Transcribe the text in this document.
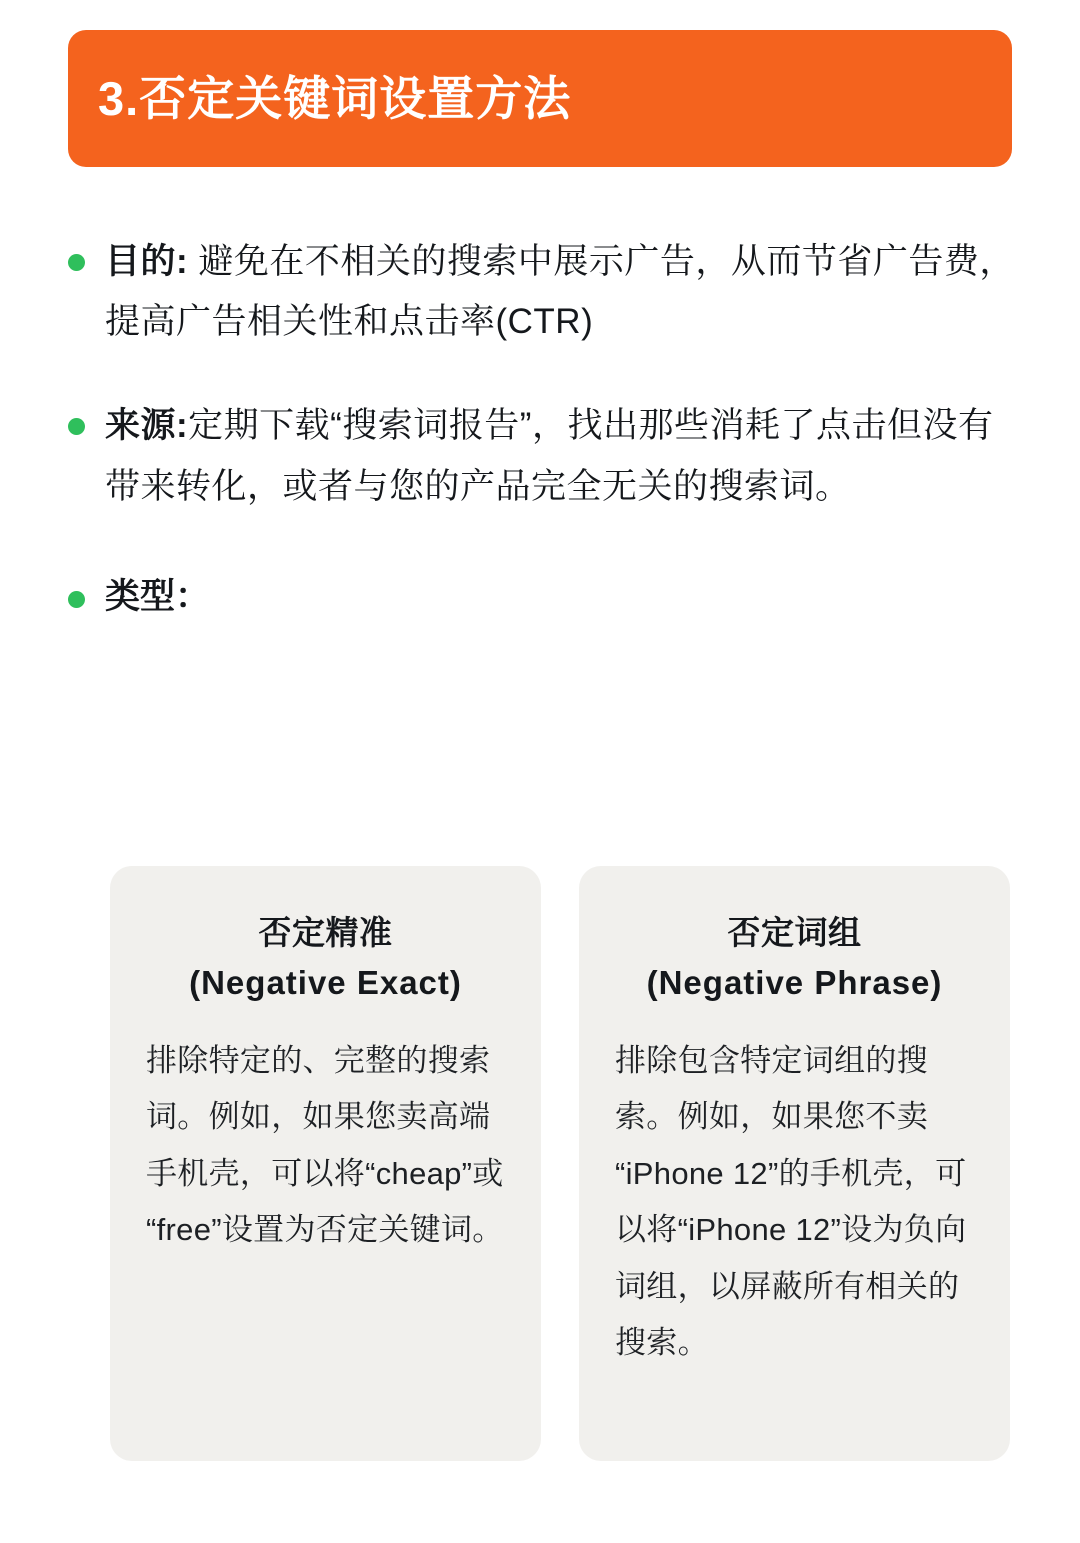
3.否定关键词设置方法
目的: 避免在不相关的搜索中展示广告，从而节省广告费，提高广告相关性和点击率(CTR)
来源:定期下载“搜索词报告”，找出那些消耗了点击但没有带来转化，或者与您的产品完全无关的搜索词。
类型：
否定精准
(Negative Exact)
排除特定的、完整的搜索词。例如，如果您卖高端手机壳，可以将“cheap”或“free”设置为否定关键词。
否定词组
(Negative Phrase)
排除包含特定词组的搜索。例如，如果您不卖“iPhone 12”的手机壳，可以将“iPhone 12”设为负向词组，以屏蔽所有相关的搜索。
